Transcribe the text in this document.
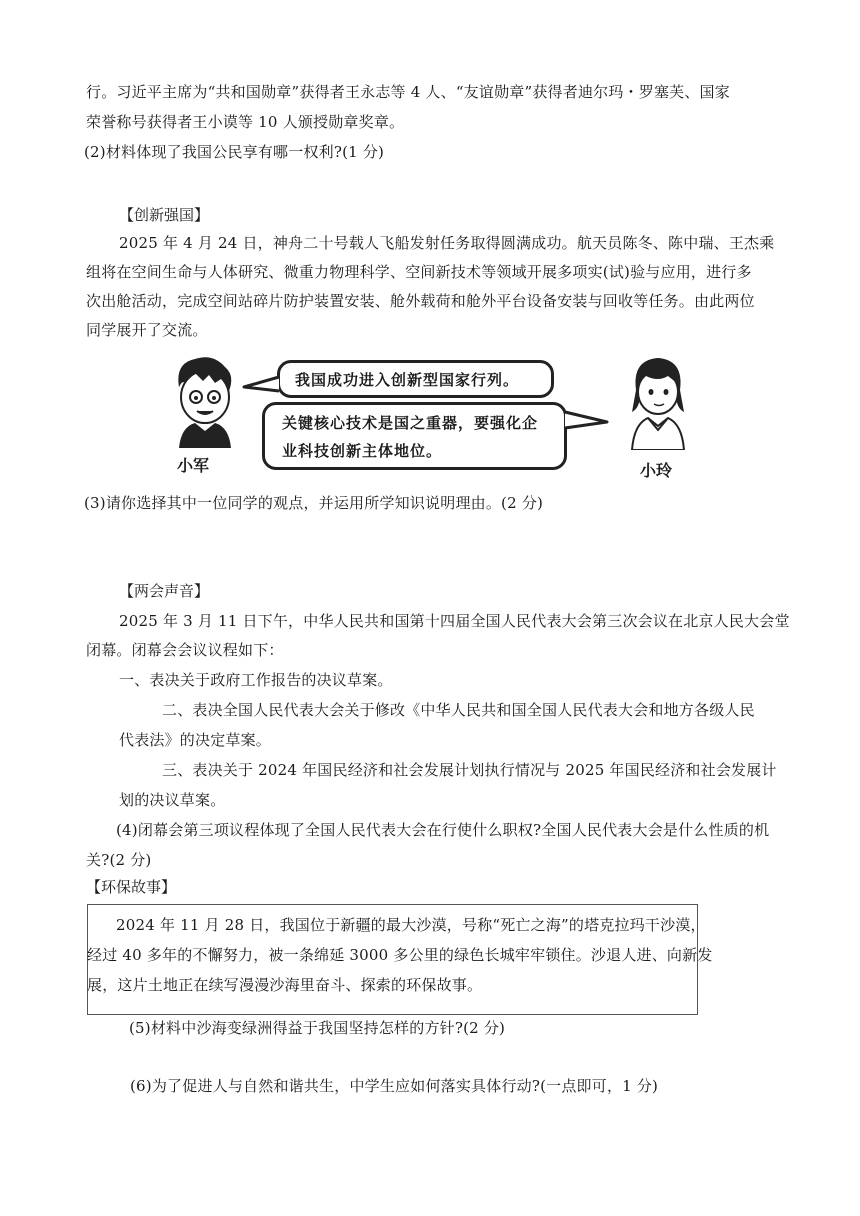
行。习近平主席为“共和国勋章”获得者王永志等 4 人、“友谊勋章”获得者迪尔玛・罗塞芙、国家
荣誉称号获得者王小谟等 10 人颁授勋章奖章。
(2)材料体现了我国公民享有哪一权利?(1 分)
【创新强国】
2025 年 4 月 24 日，神舟二十号载人飞船发射任务取得圆满成功。航天员陈冬、陈中瑞、王杰乘
组将在空间生命与人体研究、微重力物理科学、空间新技术等领域开展多项实(试)验与应用，进行多
次出舱活动，完成空间站碎片防护装置安装、舱外载荷和舱外平台设备安装与回收等任务。由此两位
同学展开了交流。
小军
我国成功进入创新型国家行列。
关键核心技术是国之重器，要强化企
业科技创新主体地位。
小玲
(3)请你选择其中一位同学的观点，并运用所学知识说明理由。(2 分)
【两会声音】
2025 年 3 月 11 日下午，中华人民共和国第十四届全国人民代表大会第三次会议在北京人民大会堂
闭幕。闭幕会会议议程如下：
一、表决关于政府工作报告的决议草案。
二、表决全国人民代表大会关于修改《中华人民共和国全国人民代表大会和地方各级人民
代表法》的决定草案。
三、表决关于 2024 年国民经济和社会发展计划执行情况与 2025 年国民经济和社会发展计
划的决议草案。
(4)闭幕会第三项议程体现了全国人民代表大会在行使什么职权?全国人民代表大会是什么性质的机
关?(2 分)
【环保故事】
2024 年 11 月 28 日，我国位于新疆的最大沙漠，号称“死亡之海”的塔克拉玛干沙漠，
经过 40 多年的不懈努力，被一条绵延 3000 多公里的绿色长城牢牢锁住。沙退人进、向新发
展，这片土地正在续写漫漫沙海里奋斗、探索的环保故事。
(5)材料中沙海变绿洲得益于我国坚持怎样的方针?(2 分)
(6)为了促进人与自然和谐共生，中学生应如何落实具体行动?(一点即可，1 分)
